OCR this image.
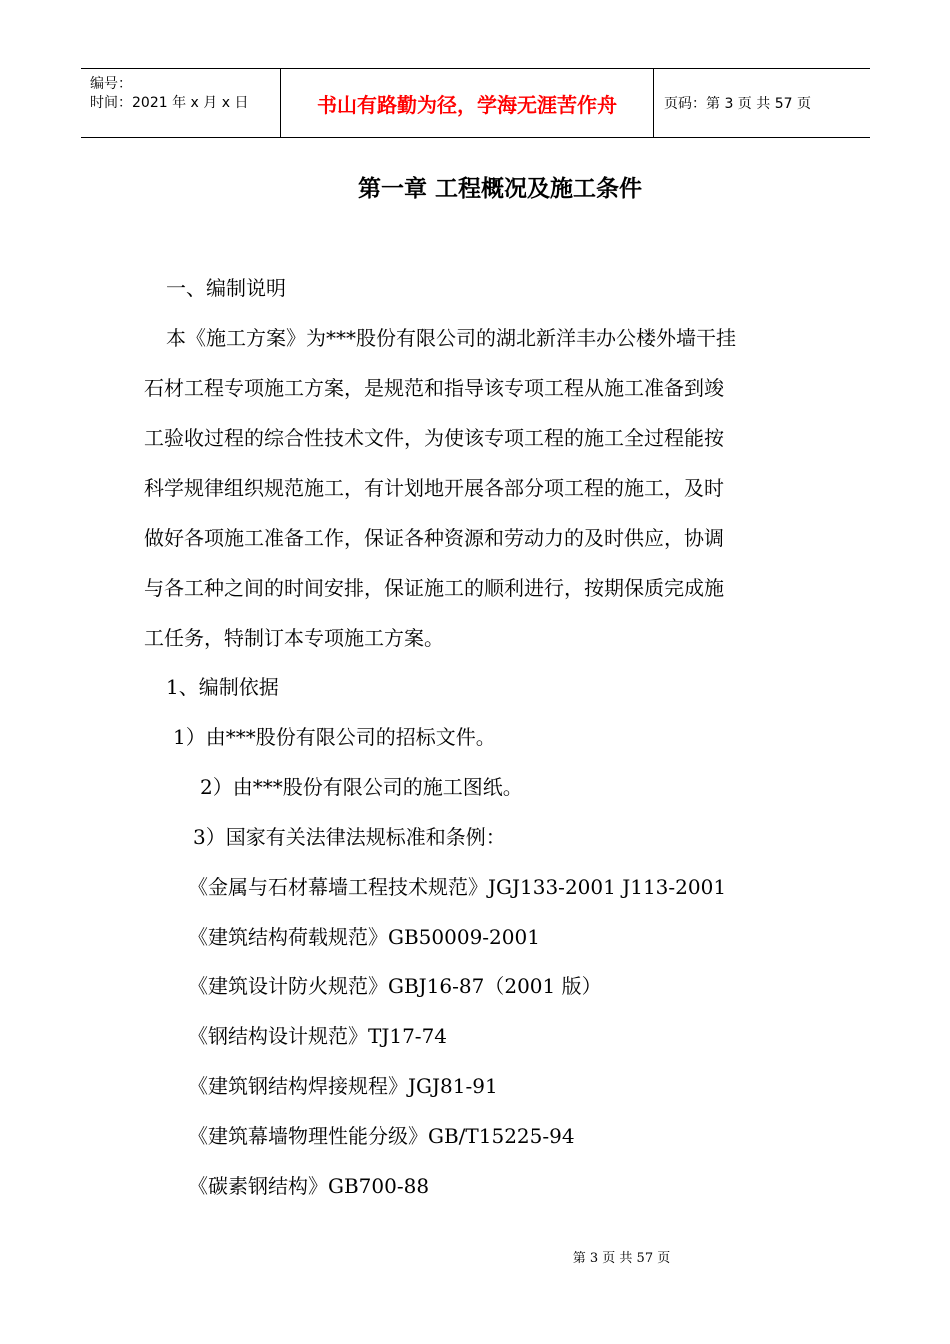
编号：
时间：2021 年 x 月 x 日	书山有路勤为径，学海无涯苦作舟	页码：第 3 页 共 57 页
第一章 工程概况及施工条件
一、编制说明
本《施工方案》为***股份有限公司的湖北新洋丰办公楼外墙干挂
石材工程专项施工方案，是规范和指导该专项工程从施工准备到竣
工验收过程的综合性技术文件，为使该专项工程的施工全过程能按
科学规律组织规范施工，有计划地开展各部分项工程的施工，及时
做好各项施工准备工作，保证各种资源和劳动力的及时供应，协调
与各工种之间的时间安排，保证施工的顺利进行，按期保质完成施
工任务，特制订本专项施工方案。
1、编制依据
1）由***股份有限公司的招标文件。
2）由***股份有限公司的施工图纸。
3）国家有关法律法规标准和条例：
《金属与石材幕墙工程技术规范》JGJ133-2001 J113-2001
《建筑结构荷载规范》GB50009-2001
《建筑设计防火规范》GBJ16-87（2001 版）
《钢结构设计规范》TJ17-74
《建筑钢结构焊接规程》JGJ81-91
《建筑幕墙物理性能分级》GB/T15225-94
《碳素钢结构》GB700-88
第 3 页 共 57 页
